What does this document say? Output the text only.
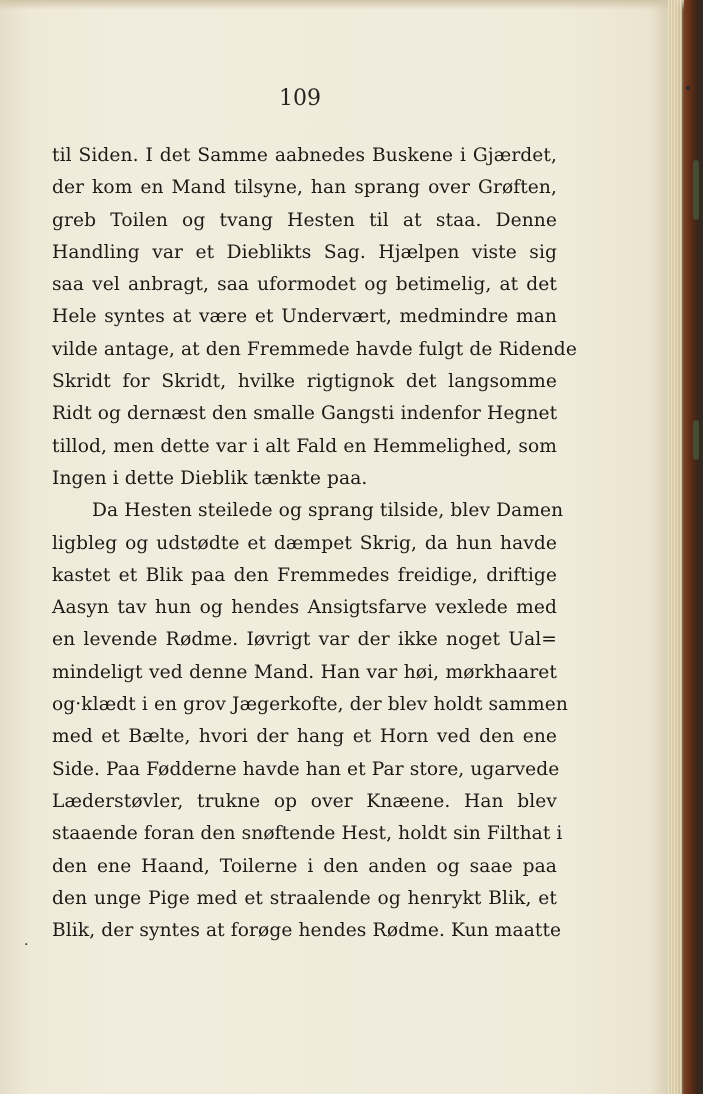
109
til Siden. I det Samme aabnedes Buskene i Gjærdet,
der kom en Mand tilsyne, han sprang over Grøften,
greb Toilen og tvang Hesten til at staa. Denne
Handling var et Dieblikts Sag. Hjælpen viste sig
saa vel anbragt, saa uformodet og betimelig, at det
Hele syntes at være et Undervært, medmindre man
vilde antage, at den Fremmede havde fulgt de Ridende
Skridt for Skridt, hvilke rigtignok det langsomme
Ridt og dernæst den smalle Gangsti indenfor Hegnet
tillod, men dette var i alt Fald en Hemmelighed, som
Ingen i dette Dieblik tænkte paa.
Da Hesten steilede og sprang tilside, blev Damen
ligbleg og udstødte et dæmpet Skrig, da hun havde
kastet et Blik paa den Fremmedes freidige, driftige
Aasyn tav hun og hendes Ansigtsfarve vexlede med
en levende Rødme. Iøvrigt var der ikke noget Ual=
mindeligt ved denne Mand. Han var høi, mørkhaaret
og·klædt i en grov Jægerkofte, der blev holdt sammen
med et Bælte, hvori der hang et Horn ved den ene
Side. Paa Fødderne havde han et Par store, ugarvede
Læderstøvler, trukne op over Knæene. Han blev
staaende foran den snøftende Hest, holdt sin Filthat i
den ene Haand, Toilerne i den anden og saae paa
den unge Pige med et straalende og henrykt Blik, et
Blik, der syntes at forøge hendes Rødme. Kun maatte
.
